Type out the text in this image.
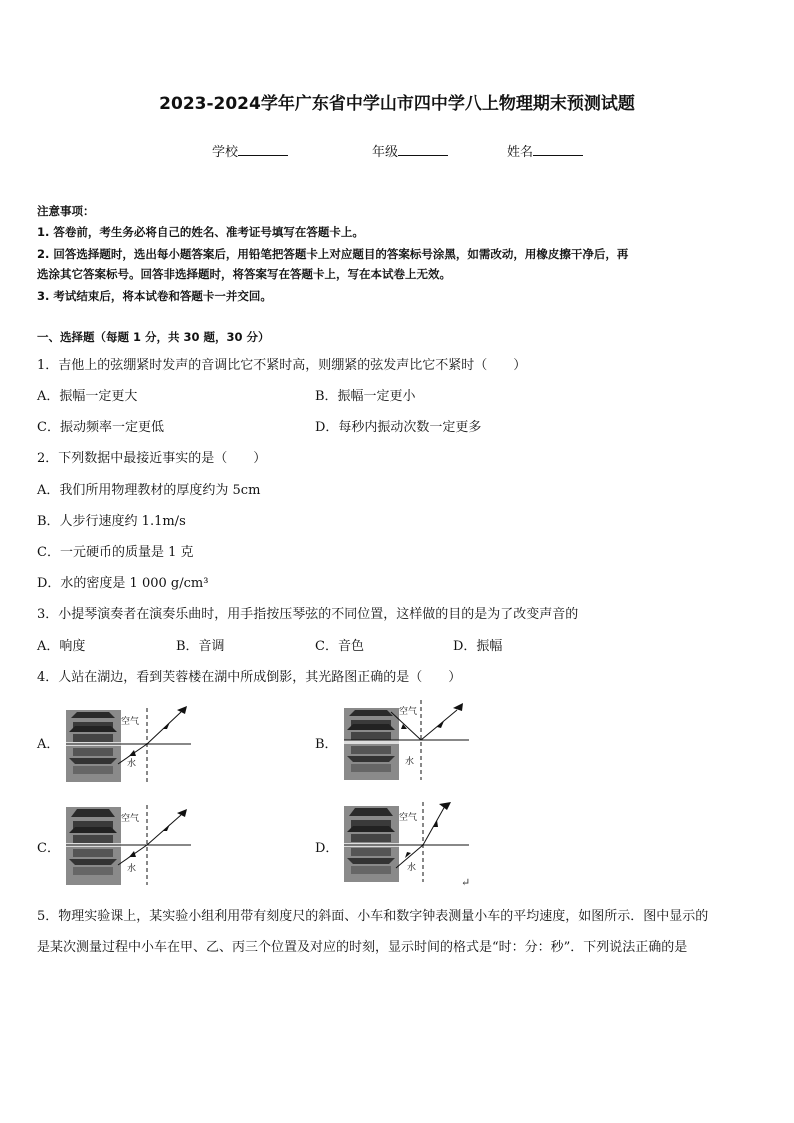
2023-2024学年广东省中学山市四中学八上物理期末预测试题
学校	年级	姓名
注意事项：
1. 答卷前，考生务必将自己的姓名、准考证号填写在答题卡上。
2. 回答选择题时，选出每小题答案后，用铅笔把答题卡上对应题目的答案标号涂黑，如需改动，用橡皮擦干净后，再
选涂其它答案标号。回答非选择题时，将答案写在答题卡上，写在本试卷上无效。
3. 考试结束后，将本试卷和答题卡一并交回。
一、选择题（每题 1 分，共 30 题，30 分）
1．吉他上的弦绷紧时发声的音调比它不紧时高，则绷紧的弦发声比它不紧时（　　）
A．振幅一定更大	B．振幅一定更小
C．振动频率一定更低	D．每秒内振动次数一定更多
2．下列数据中最接近事实的是（　　）
A．我们所用物理教材的厚度约为 5cm
B．人步行速度约 1.1m/s
C．一元硬币的质量是 1 克
D．水的密度是 1 000 g/cm³
3．小提琴演奏者在演奏乐曲时，用手指按压琴弦的不同位置，这样做的目的是为了改变声音的
A．响度	B．音调	C．音色	D．振幅
4．人站在湖边，看到芙蓉楼在湖中所成倒影，其光路图正确的是（　　）
A．	B．
C．	D．
空气
水
空气
水
空气
水
空气
水
↵
5．物理实验课上，某实验小组利用带有刻度尺的斜面、小车和数字钟表测量小车的平均速度，如图所示．图中显示的
是某次测量过程中小车在甲、乙、丙三个位置及对应的时刻，显示时间的格式是“时：分：秒”．下列说法正确的是
